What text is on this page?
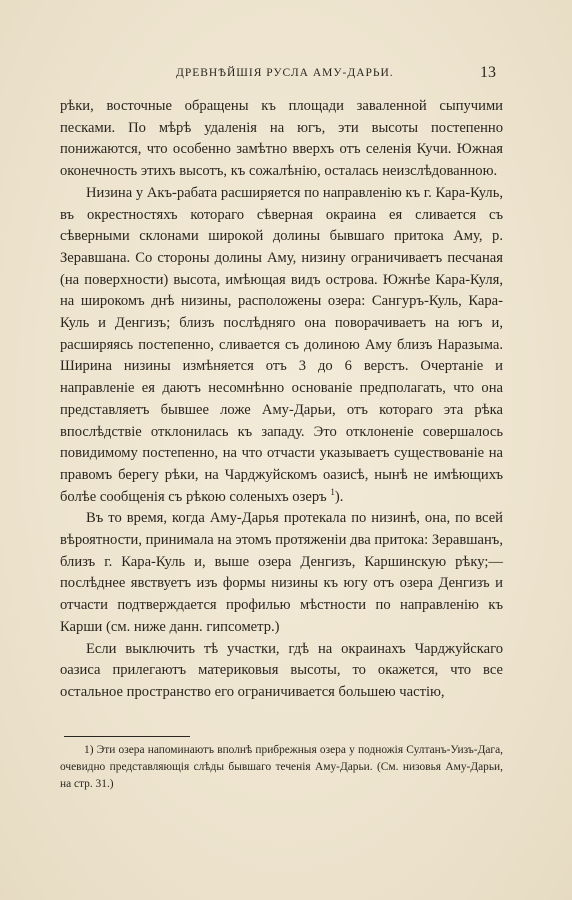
ДРЕВНѢЙШІЯ РУСЛА АМУ-ДАРЬИ.	13

рѣки, восточные обращены къ площади заваленной сыпучими песками. По мѣрѣ удаленія на югъ, эти высоты постепенно понижаются, что особенно замѣтно вверхъ отъ селенія Кучи. Южная оконечность этихъ высотъ, къ сожалѣнію, осталась неизслѣдованною.

Низина у Акъ-рабата расширяется по направленію къ г. Кара-Куль, въ окрестностяхъ котораго сѣверная окраина ея сливается съ сѣверными склонами широкой долины бывшаго притока Аму, р. Зеравшана. Со стороны долины Аму, низину ограничиваетъ песчаная (на поверхности) высота, имѣющая видъ острова. Южнѣе Кара-Куля, на широкомъ днѣ низины, расположены озера: Сангуръ-Куль, Кара-Куль и Денгизъ; близъ послѣдняго она поворачиваетъ на югъ и, расширяясь постепенно, сливается съ долиною Аму близъ Наразыма. Ширина низины измѣняется отъ 3 до 6 верстъ. Очертаніе и направленіе ея даютъ несомнѣнно основаніе предполагать, что она представляетъ бывшее ложе Аму-Дарьи, отъ котораго эта рѣка впослѣдствіе отклонилась къ западу. Это отклоненіе совершалось повидимому постепенно, на что отчасти указываетъ существованіе на правомъ берегу рѣки, на Чарджуйскомъ оазисѣ, нынѣ не имѣющихъ болѣе сообщенія съ рѣкою соленыхъ озеръ $^1$).

Въ то время, когда Аму-Дарья протекала по низинѣ, она, по всей вѣроятности, принимала на этомъ протяженіи два притока: Зеравшанъ, близъ г. Кара-Куль и, выше озера Денгизъ, Каршинскую рѣку;—послѣднее явствуетъ изъ формы низины къ югу отъ озера Денгизъ и отчасти подтверждается профилью мѣстности по направленію къ Карши (см. ниже данн. гипсометр.)

Если выключить тѣ участки, гдѣ на окраинахъ Чарджуйскаго оазиса прилегаютъ материковыя высоты, то окажется, что все остальное пространство его ограничивается большею частію,

1) Эти озера напоминаютъ вполнѣ прибрежныя озера у подножія Султанъ-Уизъ-Дага, очевидно представляющія слѣды бывшаго теченія Аму-Дарьи. (См. низовья Аму-Дарьи, на стр. 31.)
